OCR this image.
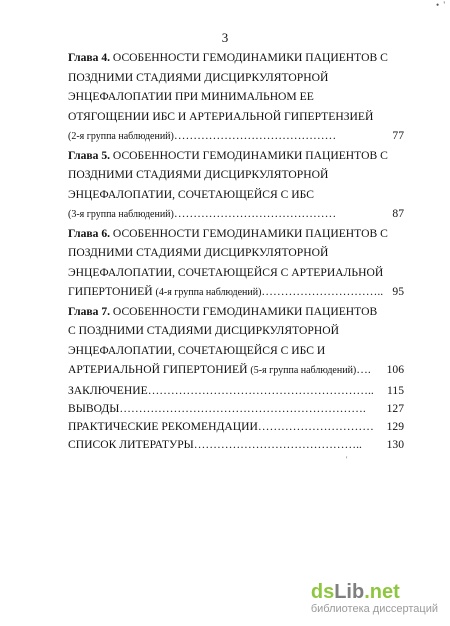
3
• '
Глава 4. ОСОБЕННОСТИ ГЕМОДИНАМИКИ ПАЦИЕНТОВ С
ПОЗДНИМИ СТАДИЯМИ ДИСЦИРКУЛЯТОРНОЙ
ЭНЦЕФАЛОПАТИИ ПРИ МИНИМАЛЬНОМ ЕЕ
ОТЯГОЩЕНИИ ИБС И АРТЕРИАЛЬНОЙ ГИПЕРТЕНЗИЕЙ
(2-я группа наблюдений)……………………………………	77
Глава 5. ОСОБЕННОСТИ ГЕМОДИНАМИКИ ПАЦИЕНТОВ С
ПОЗДНИМИ СТАДИЯМИ ДИСЦИРКУЛЯТОРНОЙ
ЭНЦЕФАЛОПАТИИ, СОЧЕТАЮЩЕЙСЯ С ИБС
(3-я группа наблюдений)……………………………………	87
Глава 6. ОСОБЕННОСТИ ГЕМОДИНАМИКИ ПАЦИЕНТОВ С
ПОЗДНИМИ СТАДИЯМИ ДИСЦИРКУЛЯТОРНОЙ
ЭНЦЕФАЛОПАТИИ, СОЧЕТАЮЩЕЙСЯ С АРТЕРИАЛЬНОЙ
ГИПЕРТОНИЕЙ (4-я группа наблюдений)………………………….. 95
Глава 7. ОСОБЕННОСТИ ГЕМОДИНАМИКИ ПАЦИЕНТОВ
С ПОЗДНИМИ СТАДИЯМИ ДИСЦИРКУЛЯТОРНОЙ
ЭНЦЕФАЛОПАТИИ, СОЧЕТАЮЩЕЙСЯ С ИБС И
АРТЕРИАЛЬНОЙ ГИПЕРТОНИЕЙ (5-я группа наблюдений)…. 106
ЗАКЛЮЧЕНИЕ………………………………………………….. 115
ВЫВОДЫ………………………………………………………. 127
ПРАКТИЧЕСКИЕ РЕКОМЕНДАЦИИ………………………… 129
СПИСОК ЛИТЕРАТУРЫ…………………………………….. 130
'
dsLib.net
библиотека диссертаций
